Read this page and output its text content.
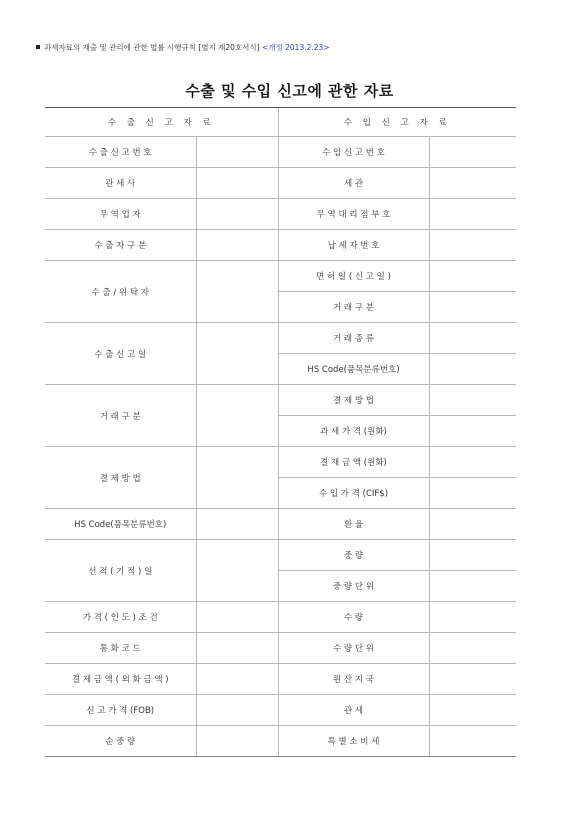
과세자료의 제출 및 관리에 관한 법률 시행규칙 [별지 제20호서식] <개정 2013.2.23>
수출 및 수입 신고에 관한 자료
수 출 신 고 자 료		수 입 신 고 자 료	
수 출 신 고 번 호		수 입 신 고 번 호	
관 세 사		세 관	
무 역 업 자		무 역 대 리 점 부 호	
수 출 자 구 분		납 세 자 번 호	
수 출 / 위 탁 자		면 허 일 ( 신 고 일 )	
		거 래 구 분	
수 출 신 고 일		거 래 종 류	
		HS Code(품목분류번호)	
거 래 구 분		결 제 방 법	
		과 세 가 격 (원화)	
결 제 방 법		결 재 금 액 (원화)	
		수 입 가 격 (CIF$)	
HS Code(품목분류번호)		환 율	
선 적 ( 기 적 ) 일		중 량	
		중 량 단 위	
가 격 ( 인 도 ) 조 건		수 량	
통 화 코 드		수 량 단 위	
결 제 금 액 ( 외 화 금 액 )		원 산 지 국	
신 고 가 격 (FOB)		관 세	
순 중 량		특 별 소 비 세	
